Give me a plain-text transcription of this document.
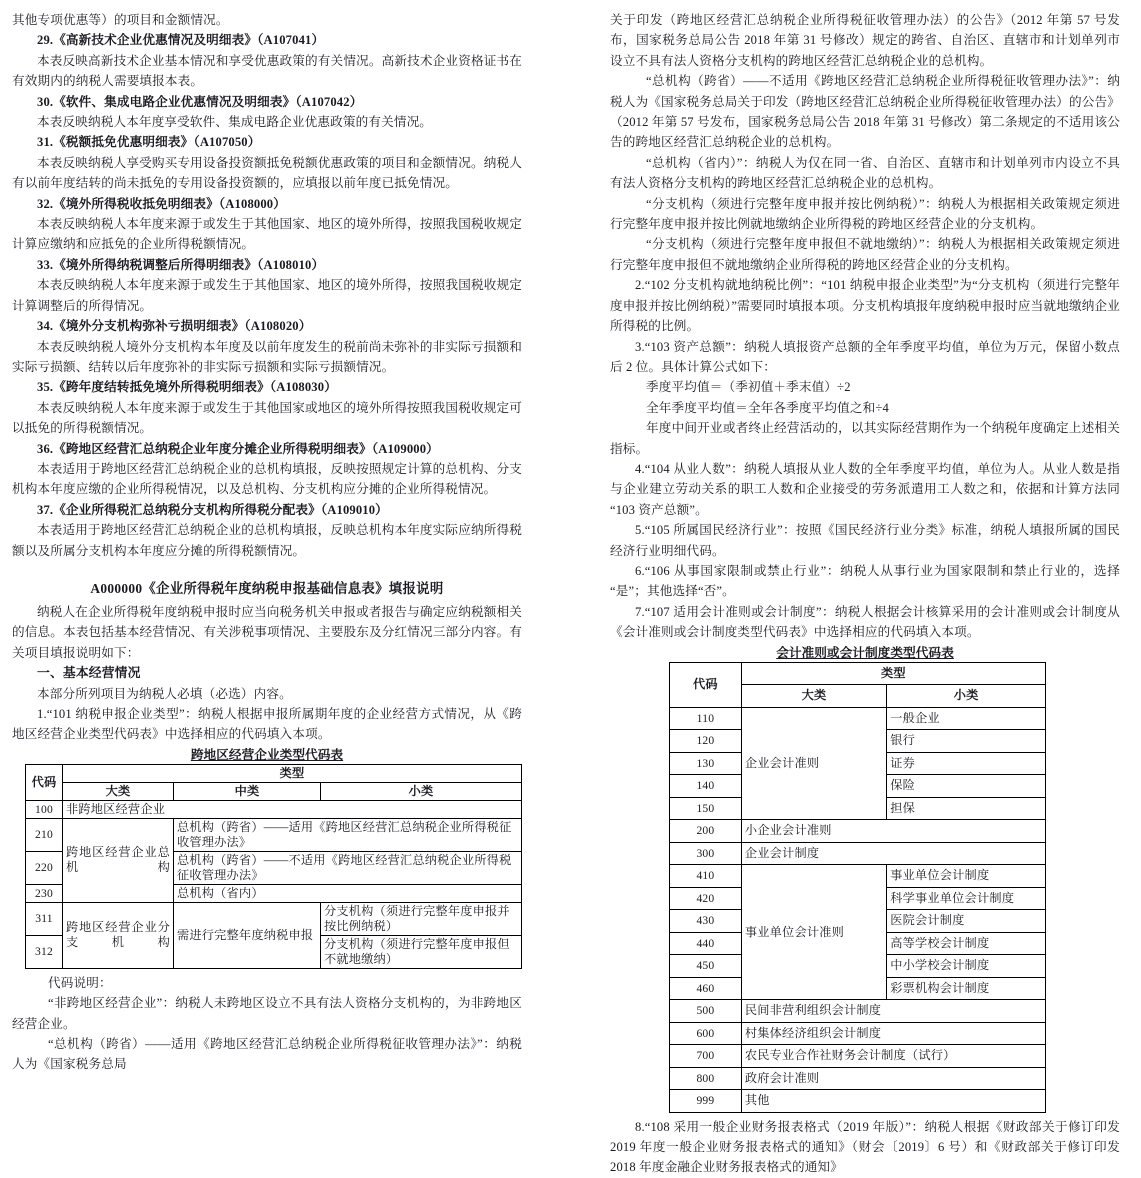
其他专项优惠等）的项目和金额情况。

29.《高新技术企业优惠情况及明细表》（A107041）

本表反映高新技术企业基本情况和享受优惠政策的有关情况。高新技术企业资格证书在有效期内的纳税人需要填报本表。

30.《软件、集成电路企业优惠情况及明细表》（A107042）

本表反映纳税人本年度享受软件、集成电路企业优惠政策的有关情况。

31.《税额抵免优惠明细表》（A107050）

本表反映纳税人享受购买专用设备投资额抵免税额优惠政策的项目和金额情况。纳税人有以前年度结转的尚未抵免的专用设备投资额的，应填报以前年度已抵免情况。

32.《境外所得税收抵免明细表》（A108000）

本表反映纳税人本年度来源于或发生于其他国家、地区的境外所得，按照我国税收规定计算应缴纳和应抵免的企业所得税额情况。

33.《境外所得纳税调整后所得明细表》（A108010）

本表反映纳税人本年度来源于或发生于其他国家、地区的境外所得，按照我国税收规定计算调整后的所得情况。

34.《境外分支机构弥补亏损明细表》（A108020）

本表反映纳税人境外分支机构本年度及以前年度发生的税前尚未弥补的非实际亏损额和实际亏损额、结转以后年度弥补的非实际亏损额和实际亏损额情况。

35.《跨年度结转抵免境外所得税明细表》（A108030）

本表反映纳税人本年度来源于或发生于其他国家或地区的境外所得按照我国税收规定可以抵免的所得税额情况。

36.《跨地区经营汇总纳税企业年度分摊企业所得税明细表》（A109000）

本表适用于跨地区经营汇总纳税企业的总机构填报，反映按照规定计算的总机构、分支机构本年度应缴的企业所得税情况，以及总机构、分支机构应分摊的企业所得税情况。

37.《企业所得税汇总纳税分支机构所得税分配表》（A109010）

本表适用于跨地区经营汇总纳税企业的总机构填报，反映总机构本年度实际应纳所得税额以及所属分支机构本年度应分摊的所得税额情况。

A000000《企业所得税年度纳税申报基础信息表》填报说明

纳税人在企业所得税年度纳税申报时应当向税务机关申报或者报告与确定应纳税额相关的信息。本表包括基本经营情况、有关涉税事项情况、主要股东及分红情况三部分内容。有关项目填报说明如下：

一、基本经营情况

本部分所列项目为纳税人必填（必选）内容。

1.“101 纳税申报企业类型”：纳税人根据申报所属期年度的企业经营方式情况，从《跨地区经营企业类型代码表》中选择相应的代码填入本项。

跨地区经营企业类型代码表
代码	类型		
	大类	中类	小类
100	非跨地区经营企业		
210	跨地区经营企业总机构	总机构（跨省）——适用《跨地区经营汇总纳税企业所得税征收管理办法》	
220		总机构（跨省）——不适用《跨地区经营汇总纳税企业所得税征收管理办法》	
230		总机构（省内）	
311	跨地区经营企业分支机构	需进行完整年度纳税申报	分支机构（须进行完整年度申报并按比例纳税）
312			分支机构（须进行完整年度申报但不就地缴纳）

代码说明：

“非跨地区经营企业”：纳税人未跨地区设立不具有法人资格分支机构的，为非跨地区经营企业。

“总机构（跨省）——适用《跨地区经营汇总纳税企业所得税征收管理办法》”：纳税人为《国家税务总局

关于印发（跨地区经营汇总纳税企业所得税征收管理办法）的公告》（2012 年第 57 号发布，国家税务总局公告 2018 年第 31 号修改）规定的跨省、自治区、直辖市和计划单列市设立不具有法人资格分支机构的跨地区经营汇总纳税企业的总机构。

“总机构（跨省）——不适用《跨地区经营汇总纳税企业所得税征收管理办法》”：纳税人为《国家税务总局关于印发（跨地区经营汇总纳税企业所得税征收管理办法）的公告》（2012 年第 57 号发布，国家税务总局公告 2018 年第 31 号修改）第二条规定的不适用该公告的跨地区经营汇总纳税企业的总机构。

“总机构（省内）”：纳税人为仅在同一省、自治区、直辖市和计划单列市内设立不具有法人资格分支机构的跨地区经营汇总纳税企业的总机构。

“分支机构（须进行完整年度申报并按比例纳税）”：纳税人为根据相关政策规定须进行完整年度申报并按比例就地缴纳企业所得税的跨地区经营企业的分支机构。

“分支机构（须进行完整年度申报但不就地缴纳）”：纳税人为根据相关政策规定须进行完整年度申报但不就地缴纳企业所得税的跨地区经营企业的分支机构。

2.“102 分支机构就地纳税比例”：“101 纳税申报企业类型”为“分支机构（须进行完整年度申报并按比例纳税）”需要同时填报本项。分支机构填报年度纳税申报时应当就地缴纳企业所得税的比例。

3.“103 资产总额”：纳税人填报资产总额的全年季度平均值，单位为万元，保留小数点后 2 位。具体计算公式如下：

季度平均值＝（季初值＋季末值）÷2

全年季度平均值＝全年各季度平均值之和÷4

年度中间开业或者终止经营活动的，以其实际经营期作为一个纳税年度确定上述相关指标。

4.“104 从业人数”：纳税人填报从业人数的全年季度平均值，单位为人。从业人数是指与企业建立劳动关系的职工人数和企业接受的劳务派遣用工人数之和，依据和计算方法同“103 资产总额”。

5.“105 所属国民经济行业”：按照《国民经济行业分类》标准，纳税人填报所属的国民经济行业明细代码。

6.“106 从事国家限制或禁止行业”：纳税人从事行业为国家限制和禁止行业的，选择“是”；其他选择“否”。

7.“107 适用会计准则或会计制度”：纳税人根据会计核算采用的会计准则或会计制度从《会计准则或会计制度类型代码表》中选择相应的代码填入本项。

会计准则或会计制度类型代码表
代码	类型	
	大类	小类
110	企业会计准则	一般企业
120		银行
130		证券
140		保险
150		担保
200	小企业会计准则	
300	企业会计制度	
410	事业单位会计准则	事业单位会计制度
420		科学事业单位会计制度
430		医院会计制度
440		高等学校会计制度
450		中小学校会计制度
460		彩票机构会计制度
500	民间非营利组织会计制度	
600	村集体经济组织会计制度	
700	农民专业合作社财务会计制度（试行）	
800	政府会计准则	
999	其他	

8.“108 采用一般企业财务报表格式（2019 年版）”：纳税人根据《财政部关于修订印发 2019 年度一般企业财务报表格式的通知》（财会〔2019〕6 号）和《财政部关于修订印发 2018 年度金融企业财务报表格式的通知》
